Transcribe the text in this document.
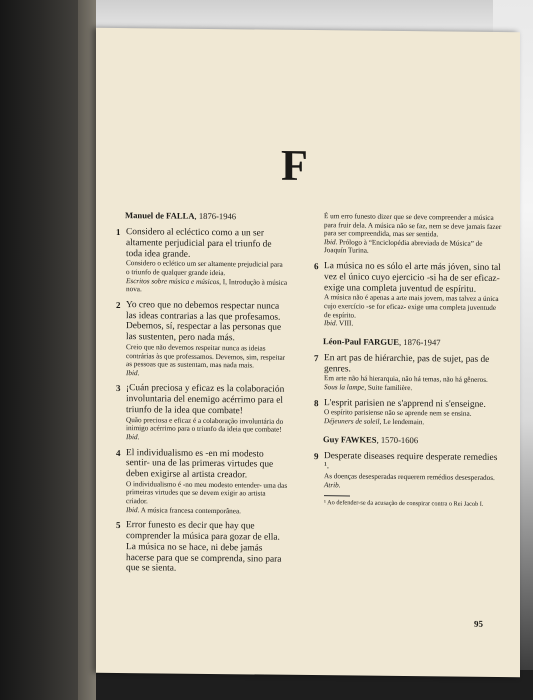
F
Manuel de FALLA, 1876-1946
1 Considero al ecléctico como a un ser altamente perjudicial para el triunfo de toda idea grande.
Considero o eclético um ser altamente prejudicial para o triunfo de qualquer grande ideia.
Escritos sobre música e músicos, I, Introdução à música nova.
2 Yo creo que no debemos respectar nunca las ideas contrarias a las que profesamos. Debemos, sí, respectar a las personas que las sustenten, pero nada más.
Creio que não devemos respeitar nunca as ideias contrárias às que professamos. Devemos, sim, respeitar as pessoas que as sustentam, mas nada mais.
Ibid.
3 ¡Cuán preciosa y eficaz es la colaboración involuntaria del enemigo acérrimo para el triunfo de la idea que combate!
Quão preciosa e eficaz é a colaboração involuntária do inimigo acérrimo para o triunfo da ideia que combate!
Ibid.
4 El individualismo es -en mi modesto sentir- una de las primeras virtudes que deben exigirse al artista creador.
O individualismo é -no meu modesto entender- uma das primeiras virtudes que se devem exigir ao artista criador.
Ibid. A música francesa contemporânea.
5 Error funesto es decir que hay que comprender la música para gozar de ella. La música no se hace, ni debe jamás hacerse para que se comprenda, sino para que se sienta.
É um erro funesto dizer que se deve compreender a música para fruir dela. A música não se faz, nem se deve jamais fazer para ser compreendida, mas ser sentida.
Ibid. Prólogo à “Enciclopédia abreviada de Música” de Joaquín Turina.
6 La música no es sólo el arte más jóven, sino tal vez el único cuyo ejercicio -si ha de ser eficaz- exige una completa juventud de espíritu.
A música não é apenas a arte mais jovem, mas talvez a única cujo exercício -se for eficaz- exige uma completa juventude de espírito.
Ibid. VIII.
Léon-Paul FARGUE, 1876-1947
7 En art pas de hiérarchie, pas de sujet, pas de genres.
Em arte não há hierarquia, não há temas, não há gêneros.
Sous la lampe, Suite familière.
8 L'esprit parisien ne s'apprend ni s'enseigne.
O espírito parisiense não se aprende nem se ensina.
Déjeuners de soleil, Le lendemain.
Guy FAWKES, 1570-1606
9 Desperate diseases require desperate remedies ¹.
As doenças desesperadas requerem remédios desesperados.
Atrib.
¹ Ao defender-se da acusação de conspirar contra o Rei Jacob I.
95
